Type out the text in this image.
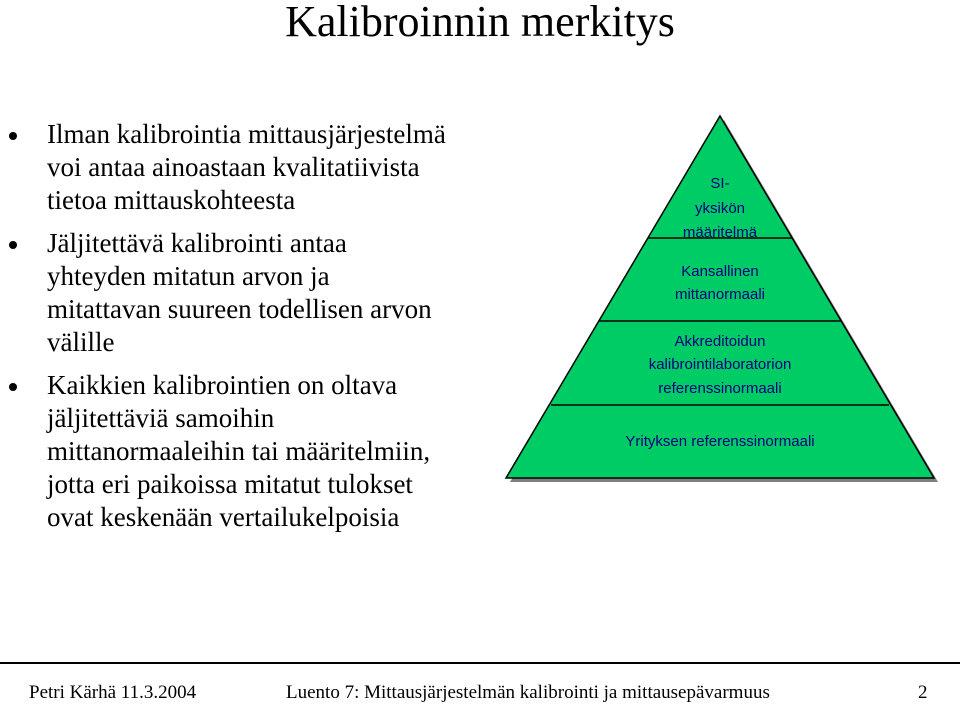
Kalibroinnin merkitys
Ilman kalibrointia mittausjärjestelmä
voi antaa ainoastaan kvalitatiivista
tietoa mittauskohteesta
Jäljitettävä kalibrointi antaa
yhteyden mitatun arvon ja
mitattavan suureen todellisen arvon
välille
Kaikkien kalibrointien on oltava
jäljitettäviä samoihin
mittanormaaleihin tai määritelmiin,
jotta eri paikoissa mitatut tulokset
ovat keskenään vertailukelpoisia
SI-
yksikön
määritelmä
Kansallinen
mittanormaali
Akkreditoidun
kalibrointilaboratorion
referenssinormaali
Yrityksen referenssinormaali
Petri Kärhä 11.3.2004	Luento 7: Mittausjärjestelmän kalibrointi ja mittausepävarmuus	2
